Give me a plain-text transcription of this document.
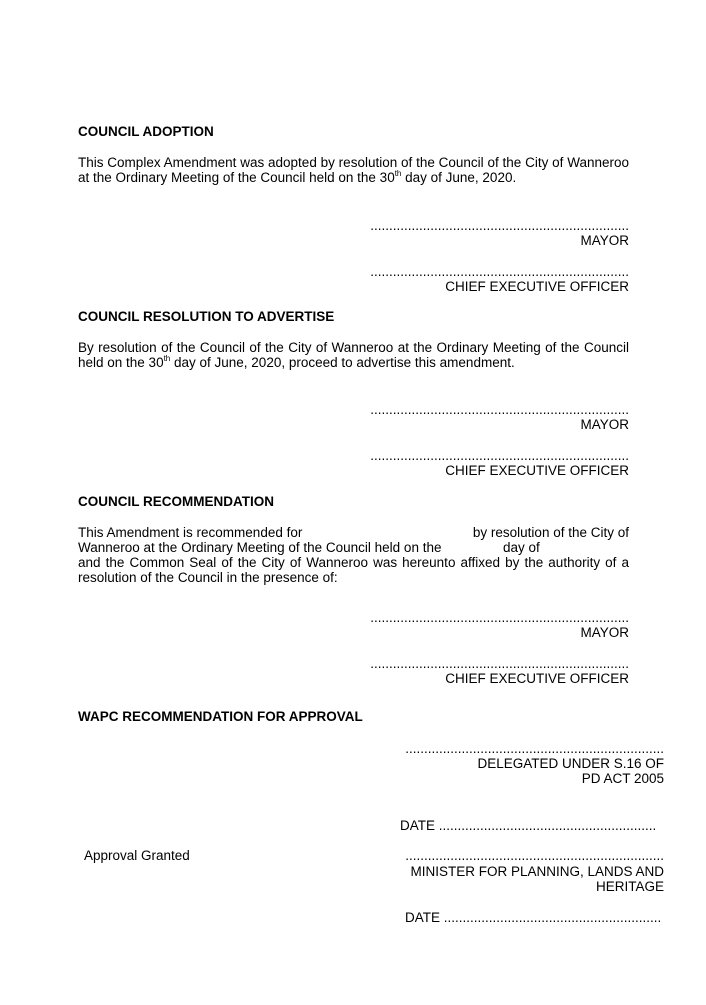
COUNCIL ADOPTION
This Complex Amendment was adopted by resolution of the Council of the City of Wanneroo
at the Ordinary Meeting of the Council held on the 30th day of June, 2020.
.....................................................................
MAYOR
.....................................................................
CHIEF EXECUTIVE OFFICER
COUNCIL RESOLUTION TO ADVERTISE
By resolution of the Council of the City of Wanneroo at the Ordinary Meeting of the Council
held on the 30th day of June, 2020, proceed to advertise this amendment.
.....................................................................
MAYOR
.....................................................................
CHIEF EXECUTIVE OFFICER
COUNCIL RECOMMENDATION
This Amendment is recommended for	by resolution of the City of
Wanneroo at the Ordinary Meeting of the Council held on the	day of
and the Common Seal of the City of Wanneroo was hereunto affixed by the authority of a
resolution of the Council in the presence of:
.....................................................................
MAYOR
.....................................................................
CHIEF EXECUTIVE OFFICER
WAPC RECOMMENDATION FOR APPROVAL
.....................................................................
DELEGATED UNDER S.16 OF
PD ACT 2005
DATE ..........................................................
Approval Granted	.....................................................................
MINISTER FOR PLANNING, LANDS AND
HERITAGE
DATE ..........................................................
